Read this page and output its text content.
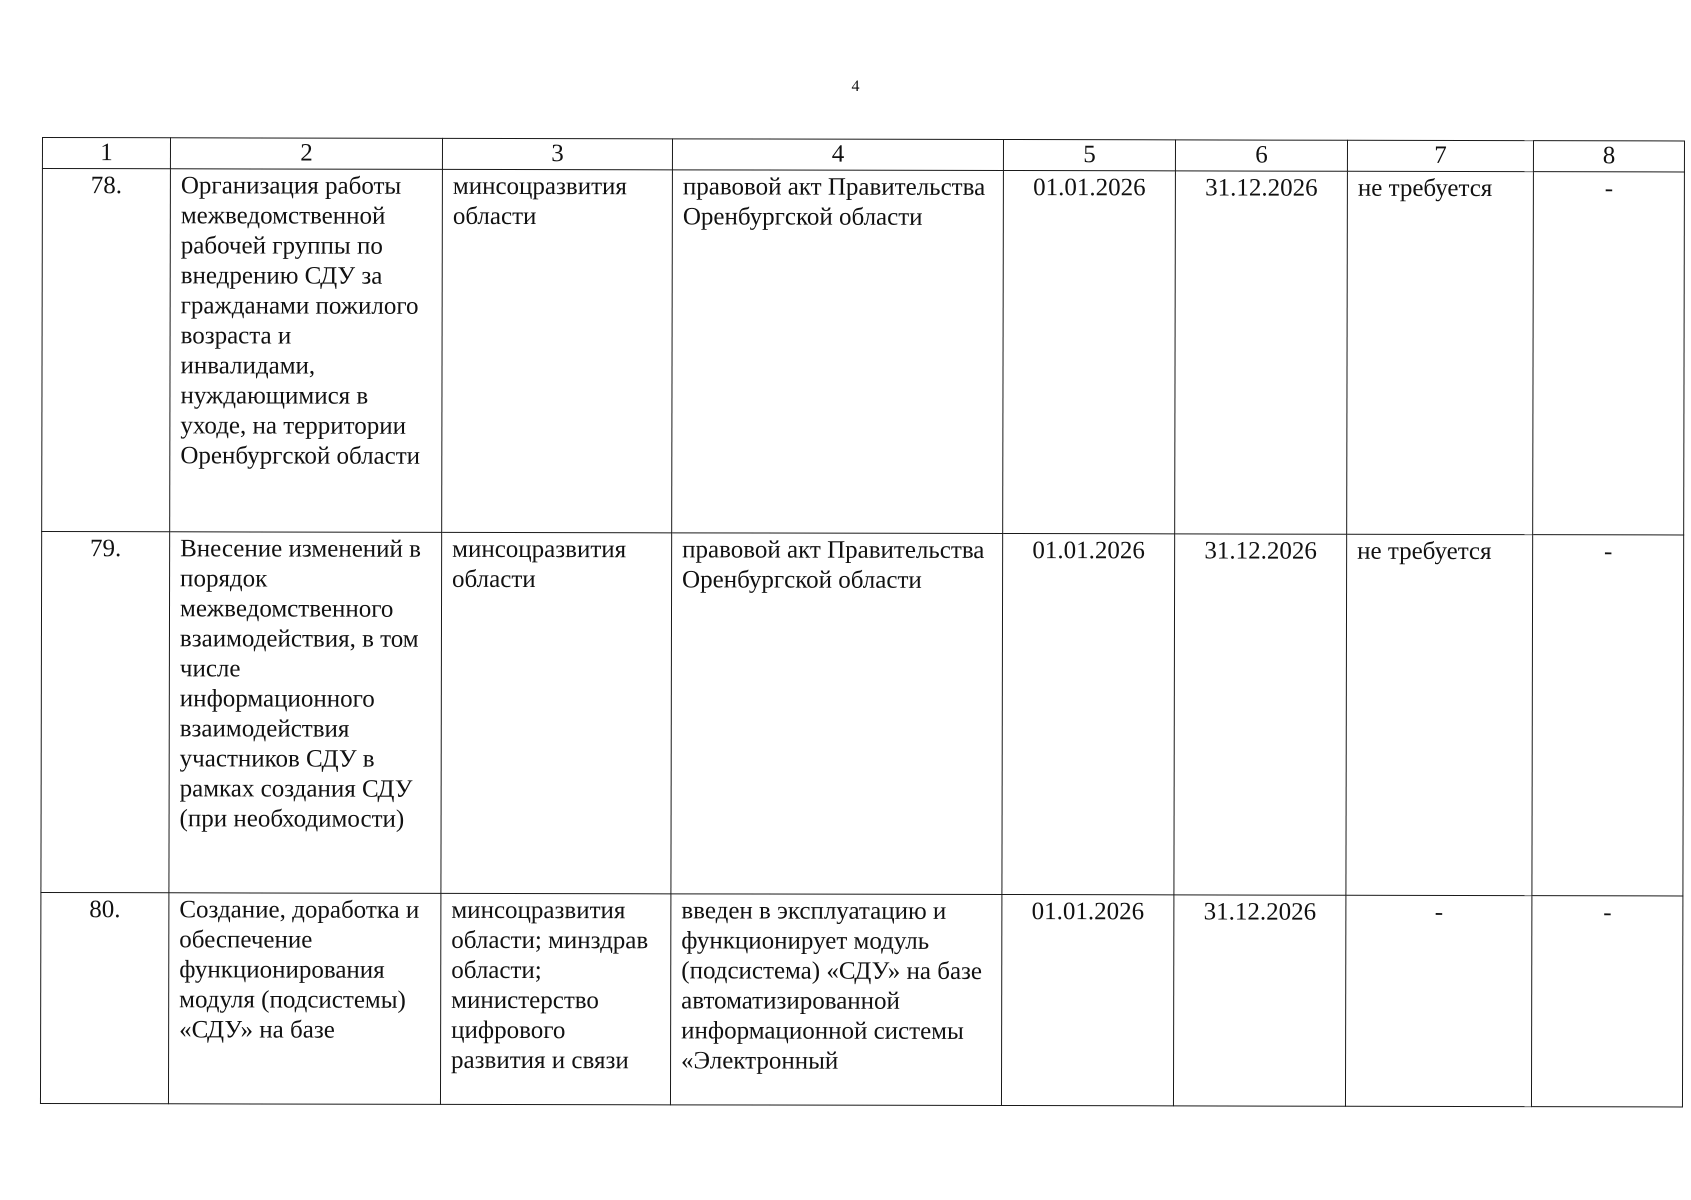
4
1	2	3	4	5	6	7	8
78.	Организация работы межведомственной рабочей группы по внедрению СДУ за гражданами пожилого возраста и инвалидами, нуждающимися в уходе, на территории Оренбургской области	минсоцразвития области	правовой акт Правительства Оренбургской области	01.01.2026	31.12.2026	не требуется	-
79.	Внесение изменений в порядок межведомственного взаимодействия, в том числе информационного взаимодействия участников СДУ в рамках создания СДУ (при необходимости)	минсоцразвития области	правовой акт Правительства Оренбургской области	01.01.2026	31.12.2026	не требуется	-
80.	Создание, доработка и обеспечение функционирования модуля (подсистемы) «СДУ» на базе	минсоцразвития области; минздрав области; министерство цифрового развития и связи	введен в эксплуатацию и функционирует модуль (подсистема) «СДУ» на базе автоматизированной информационной системы «Электронный	01.01.2026	31.12.2026	-	-
